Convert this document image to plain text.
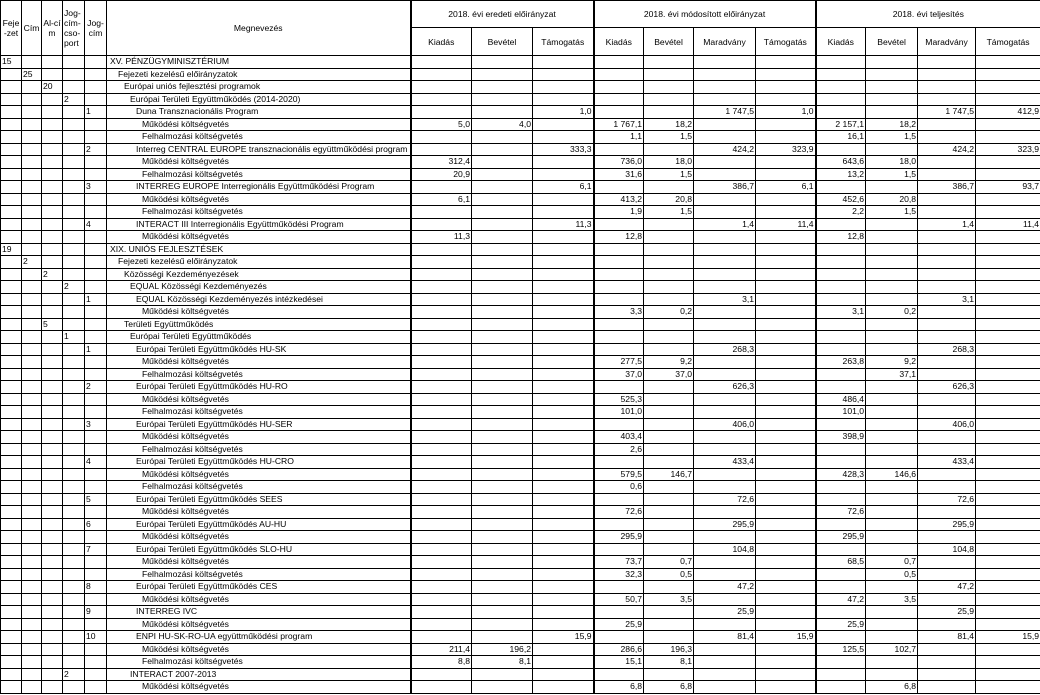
Feje-zet	Cím	Al-cím	Jog-cím-cso-port	Jog-cím	Megnevezés	2018. évi eredeti előirányzat			2018. évi módosított előirányzat				2018. évi teljesítés			
						Kiadás	Bevétel	Támogatás	Kiadás	Bevétel	Maradvány	Támogatás	Kiadás	Bevétel	Maradvány	Támogatás
15					XV. PÉNZÜGYMINISZTÉRIUM											
	25				Fejezeti kezelésű előirányzatok											
		20			Európai uniós fejlesztési programok											
			2		Európai Területi Együttműködés (2014-2020)											
				1	Duna Transznacionális Program			1,0			1 747,5	1,0			1 747,5	412,9
					Működési költségvetés	5,0	4,0		1 767,1	18,2			2 157,1	18,2		
					Felhalmozási költségvetés				1,1	1,5			16,1	1,5		
				2	Interreg CENTRAL EUROPE transznacionális együttműködési program			333,3			424,2	323,9			424,2	323,9
					Működési költségvetés	312,4			736,0	18,0			643,6	18,0		
					Felhalmozási költségvetés	20,9			31,6	1,5			13,2	1,5		
				3	INTERREG EUROPE Interregionális Együttműködési Program			6,1			386,7	6,1			386,7	93,7
					Működési költségvetés	6,1			413,2	20,8			452,6	20,8		
					Felhalmozási költségvetés				1,9	1,5			2,2	1,5		
				4	INTERACT III Interregionális Együttműködési Program			11,3			1,4	11,4			1,4	11,4
					Működési költségvetés	11,3			12,8				12,8			
19					XIX. UNIÓS FEJLESZTÉSEK											
	2				Fejezeti kezelésű előirányzatok											
		2			Közösségi Kezdeményezések											
			2		EQUAL Közösségi Kezdeményezés											
				1	EQUAL Közösségi Kezdeményezés intézkedései						3,1				3,1	
					Működési költségvetés				3,3	0,2			3,1	0,2		
		5			Területi Együttműködés											
			1		Európai Területi Együttműködés											
				1	Európai Területi Együttműködés HU-SK						268,3				268,3	
					Működési költségvetés				277,5	9,2			263,8	9,2		
					Felhalmozási költségvetés				37,0	37,0				37,1		
				2	Európai Területi Együttműködés HU-RO						626,3				626,3	
					Működési költségvetés				525,3				486,4			
					Felhalmozási költségvetés				101,0				101,0			
				3	Európai Területi Együttműködés HU-SER						406,0				406,0	
					Működési költségvetés				403,4				398,9			
					Felhalmozási költségvetés				2,6							
				4	Európai Területi Együttműködés HU-CRO						433,4				433,4	
					Működési költségvetés				579,5	146,7			428,3	146,6		
					Felhalmozási költségvetés				0,6							
				5	Európai Területi Együttműködés SEES						72,6				72,6	
					Működési költségvetés				72,6				72,6			
				6	Európai Területi Együttműködés AU-HU						295,9				295,9	
					Működési költségvetés				295,9				295,9			
				7	Európai Területi Együttműködés SLO-HU						104,8				104,8	
					Működési költségvetés				73,7	0,7			68,5	0,7		
					Felhalmozási költségvetés				32,3	0,5				0,5		
				8	Európai Területi Együttműködés CES						47,2				47,2	
					Működési költségvetés				50,7	3,5			47,2	3,5		
				9	INTERREG IVC						25,9				25,9	
					Működési költségvetés				25,9				25,9			
				10	ENPI HU-SK-RO-UA együttműködési program			15,9			81,4	15,9			81,4	15,9
					Működési költségvetés	211,4	196,2		286,6	196,3			125,5	102,7		
					Felhalmozási költségvetés	8,8	8,1		15,1	8,1						
			2		INTERACT 2007-2013											
					Működési költségvetés				6,8	6,8				6,8		
